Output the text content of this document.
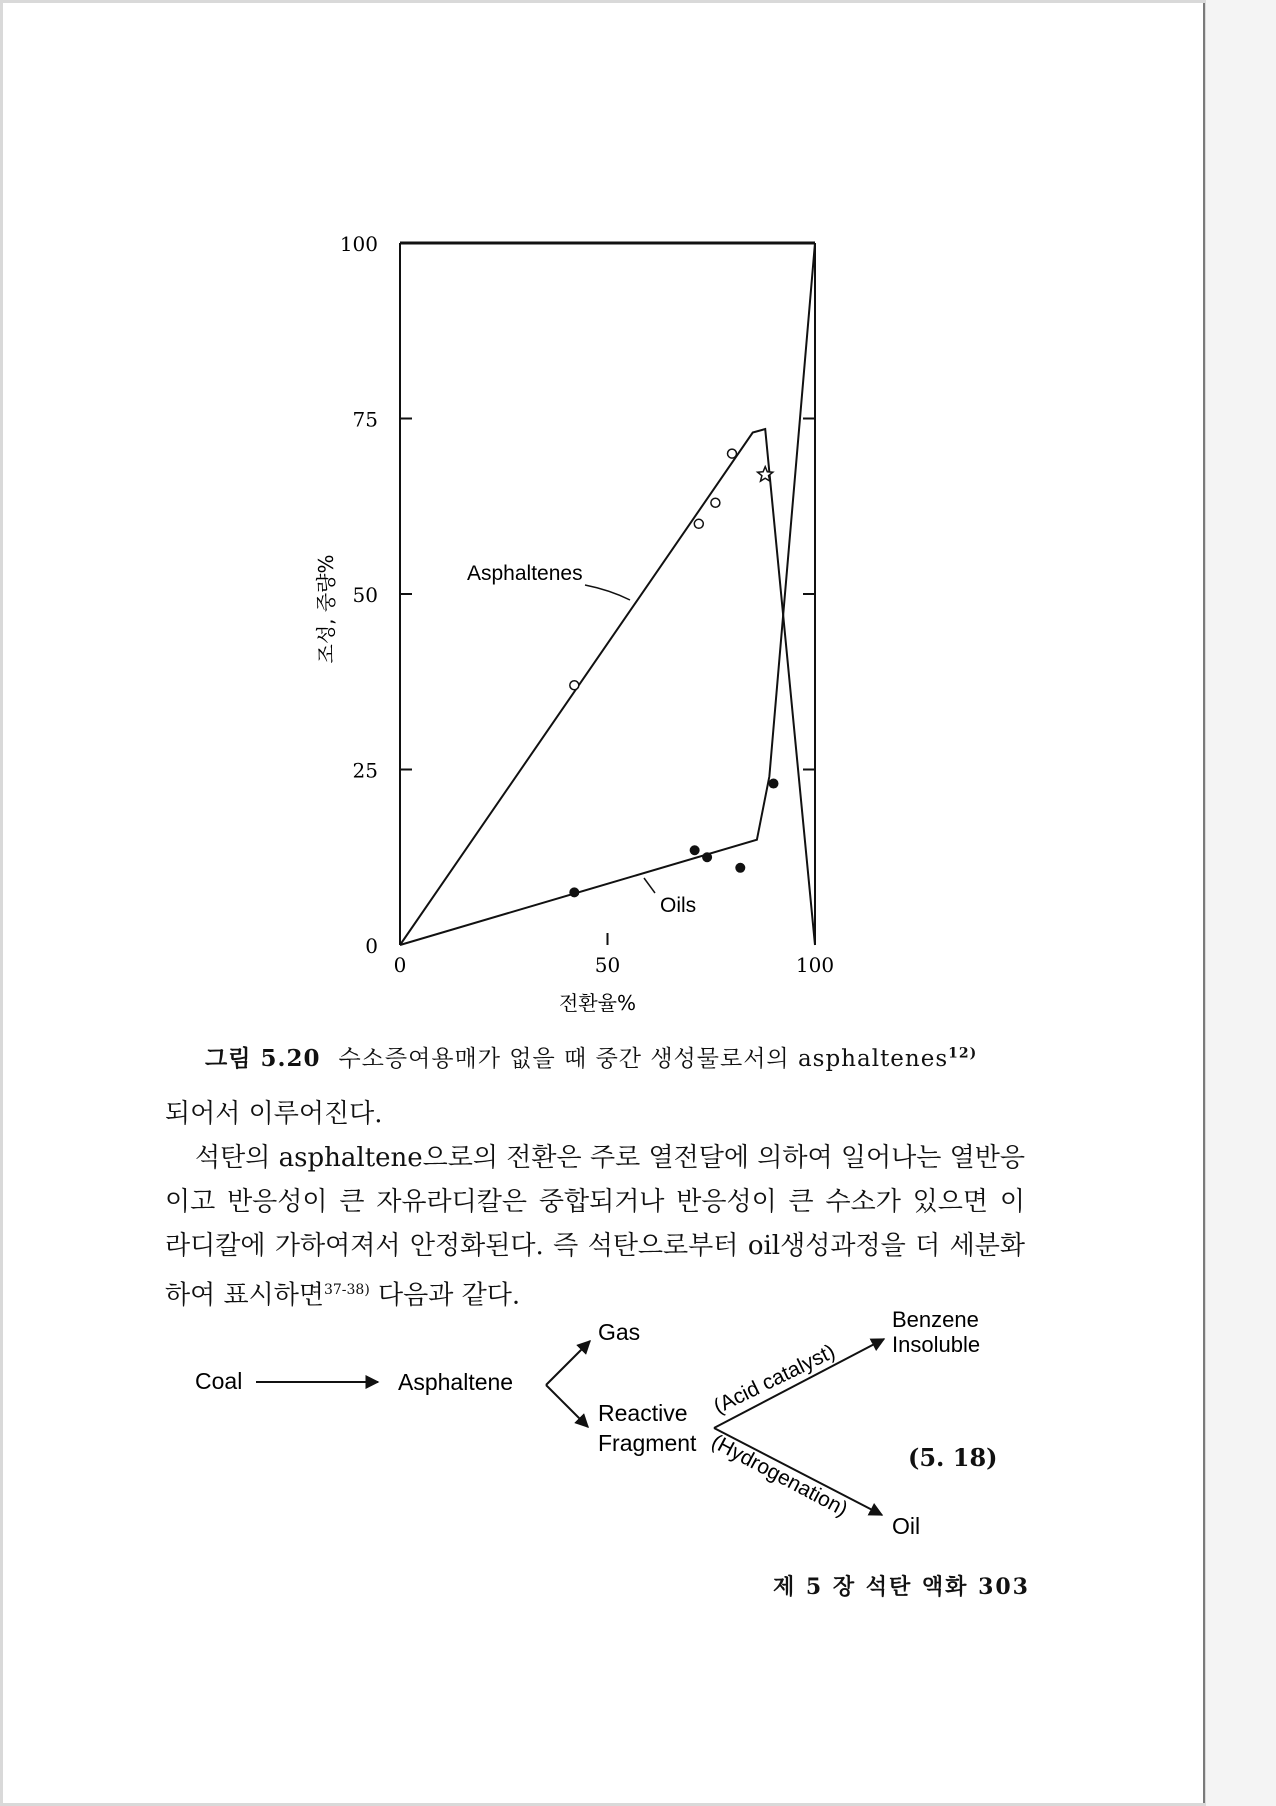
0
25
50
75
100
0	50	100
전환율%
조성, 중량%	Asphaltenes
Oils
그림 5.20 수소증여용매가 없을 때 중간 생성물로서의 asphaltenes$^{12)}$

되어서 이루어진다.

석탄의 asphaltene으로의 전환은 주로 열전달에 의하여 일어나는 열반응이고 반응성이 큰 자유라디칼은 중합되거나 반응성이 큰 수소가 있으면 이 라디칼에 가하여져서 안정화된다. 즉 석탄으로부터 oil생성과정을 더 세분화하여 표시하면$^{37-38)}$ 다음과 같다.

Coal	Asphaltene
Gas
Reactive
Fragment
(Acid catalyst)
(Hydrogenation)
Benzene
Insoluble
Oil
(5. 18)
제 5 장 석탄 액화 303
